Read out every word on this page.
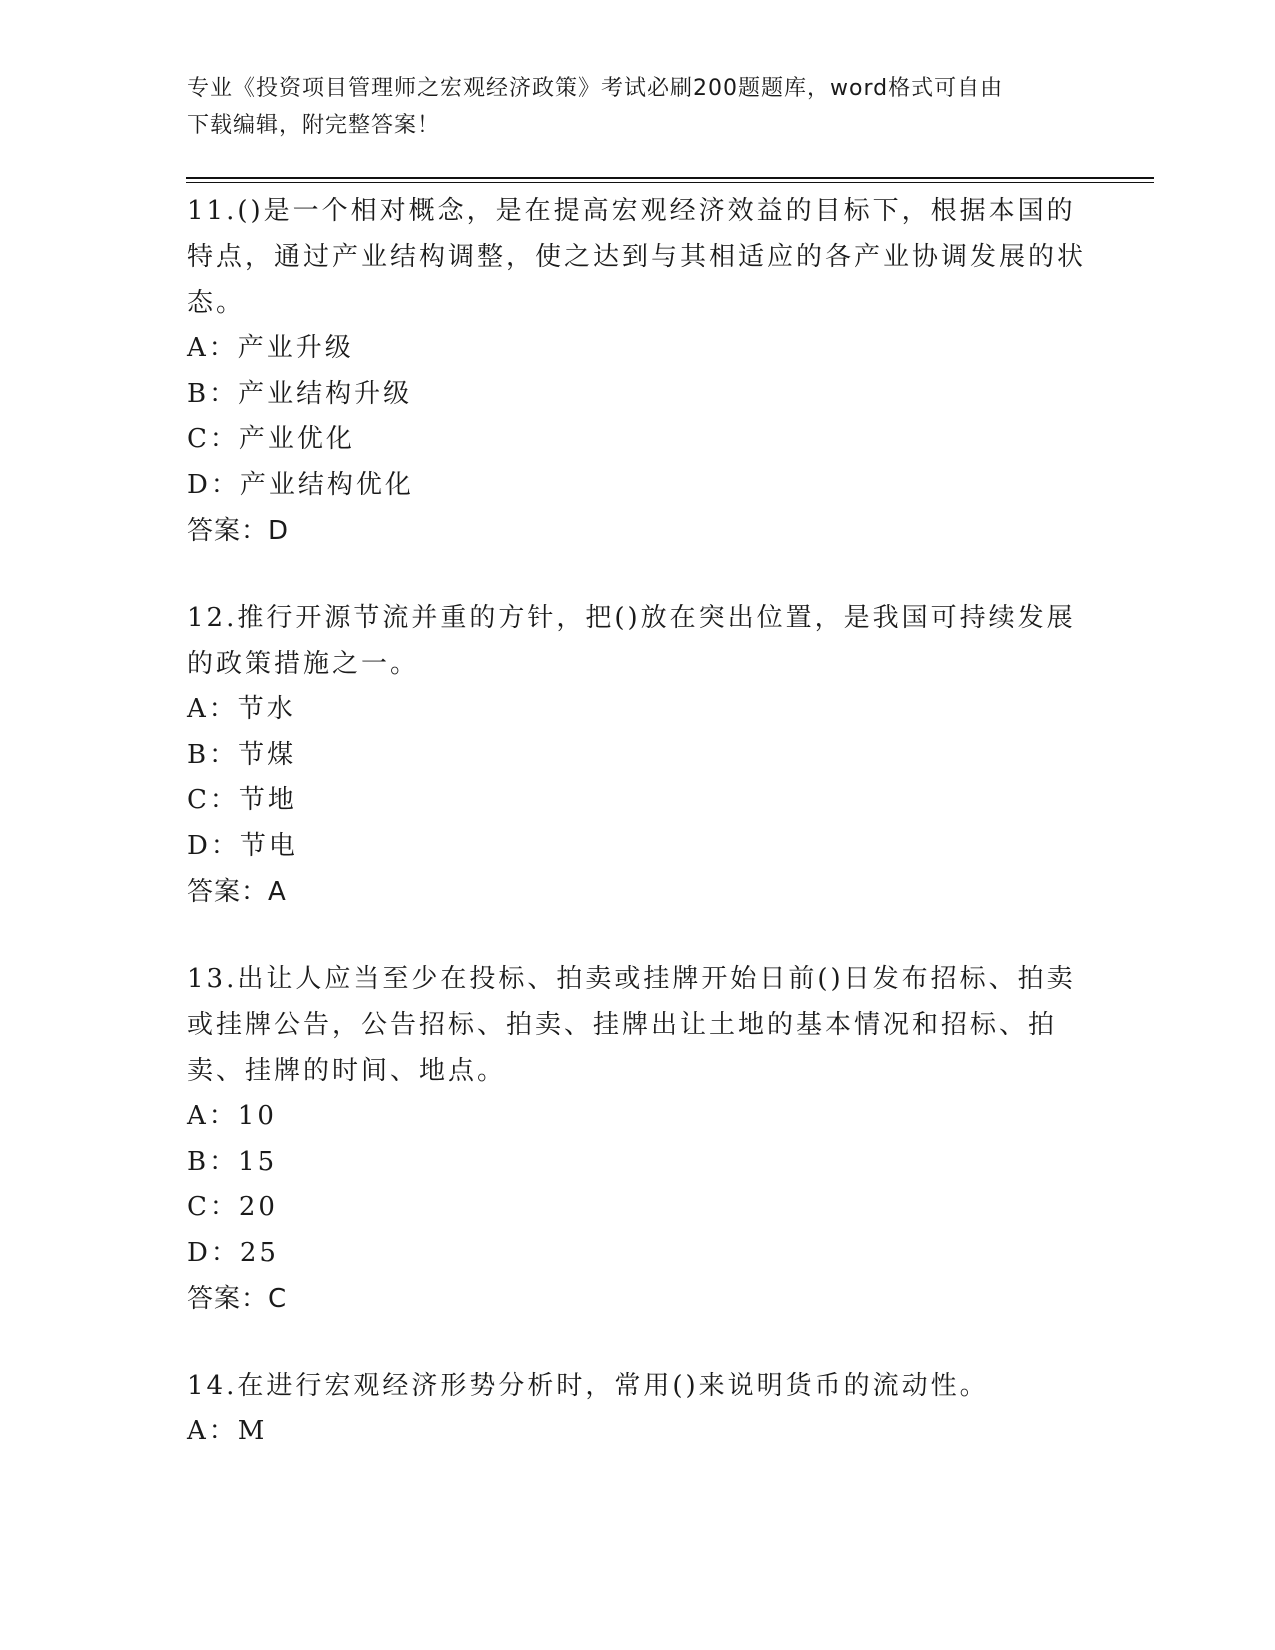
专业《投资项目管理师之宏观经济政策》考试必刷200题题库，word格式可自由
下载编辑，附完整答案！
11.()是一个相对概念，是在提高宏观经济效益的目标下，根据本国的特点，通过产业结构调整，使之达到与其相适应的各产业协调发展的状态。
A：产业升级
B：产业结构升级
C：产业优化
D：产业结构优化
答案：D
12.推行开源节流并重的方针，把()放在突出位置，是我国可持续发展的政策措施之一。
A：节水
B：节煤
C：节地
D：节电
答案：A
13.出让人应当至少在投标、拍卖或挂牌开始日前()日发布招标、拍卖或挂牌公告，公告招标、拍卖、挂牌出让土地的基本情况和招标、拍卖、挂牌的时间、地点。
A：10
B：15
C：20
D：25
答案：C
14.在进行宏观经济形势分析时，常用()来说明货币的流动性。
A：M
